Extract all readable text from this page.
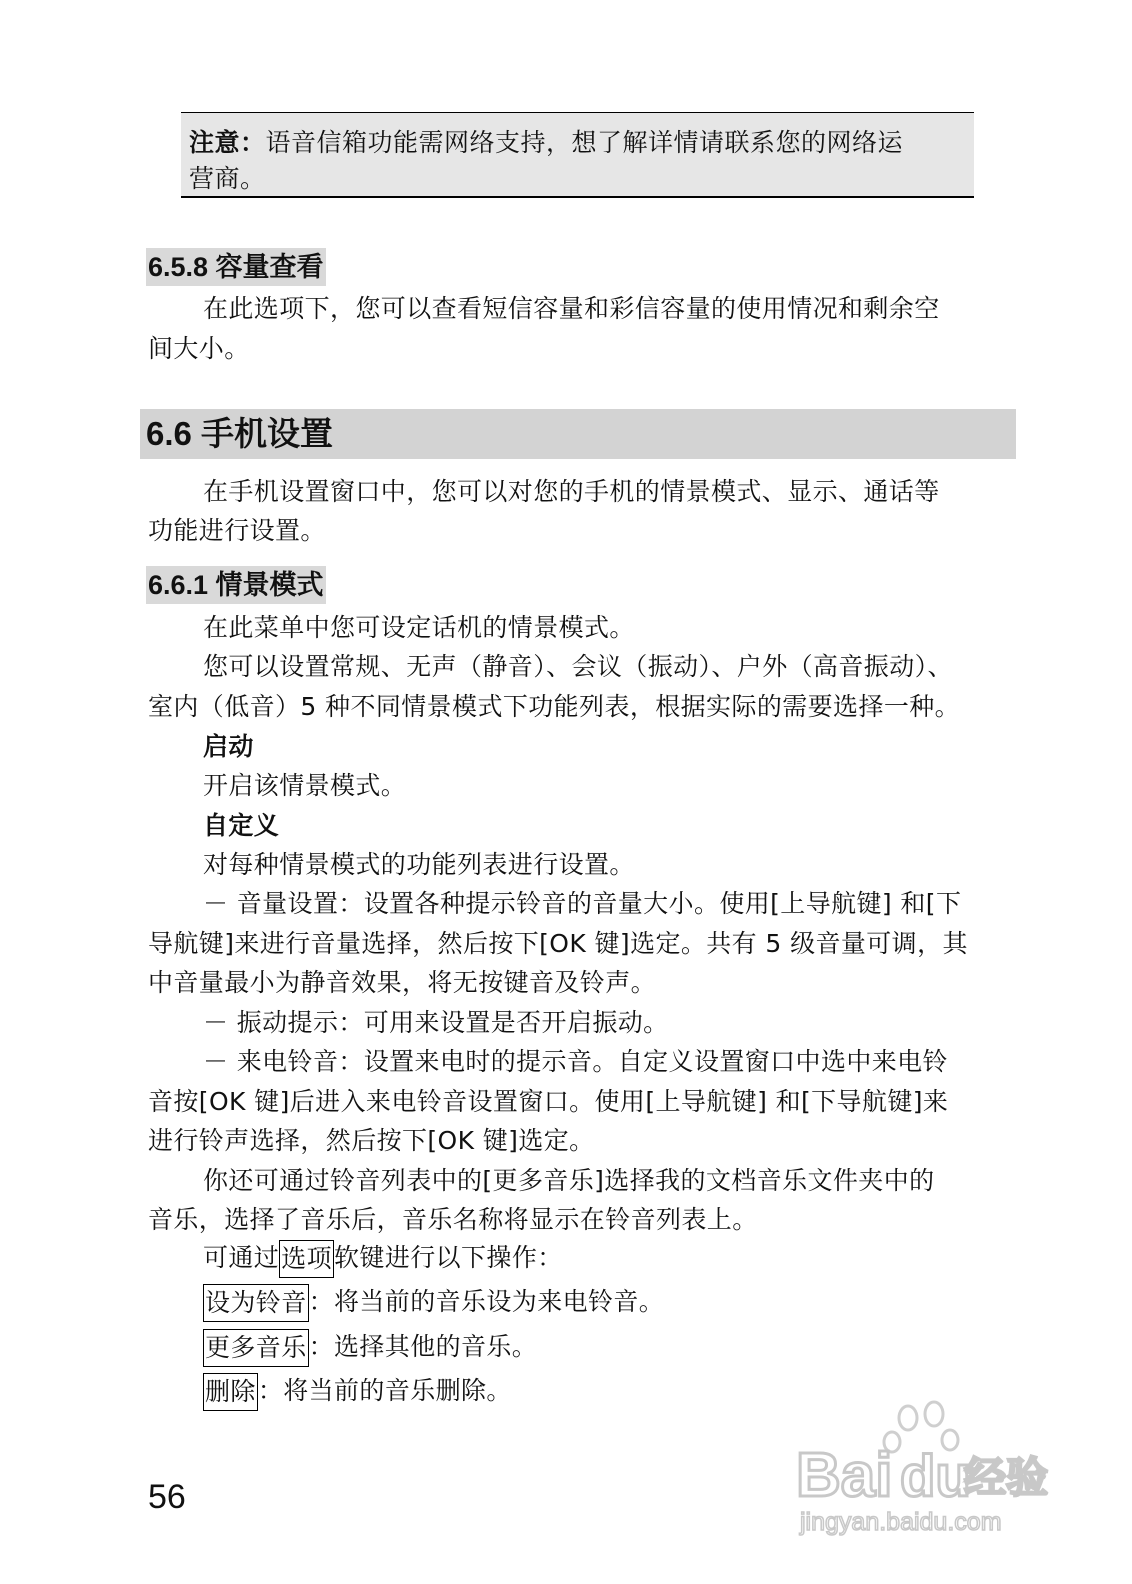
注意：语音信箱功能需网络支持，想了解详情请联系您的网络运
营商。
6.5.8 容量查看
在此选项下，您可以查看短信容量和彩信容量的使用情况和剩余空
间大小。
6.6 手机设置
在手机设置窗口中，您可以对您的手机的情景模式、显示、通话等
功能进行设置。
6.6.1 情景模式
在此菜单中您可设定话机的情景模式。
您可以设置常规、无声（静音）、会议（振动）、户外（高音振动）、
室内（低音）5 种不同情景模式下功能列表，根据实际的需要选择一种。
启动
开启该情景模式。
自定义
对每种情景模式的功能列表进行设置。
－ 音量设置：设置各种提示铃音的音量大小。使用[上导航键] 和[下
导航键]来进行音量选择，然后按下[OK 键]选定。共有 5 级音量可调，其
中音量最小为静音效果，将无按键音及铃声。
－ 振动提示：可用来设置是否开启振动。
－ 来电铃音：设置来电时的提示音。自定义设置窗口中选中来电铃
音按[OK 键]后进入来电铃音设置窗口。使用[上导航键] 和[下导航键]来
进行铃声选择，然后按下[OK 键]选定。
你还可通过铃音列表中的[更多音乐]选择我的文档音乐文件夹中的
音乐，选择了音乐后，音乐名称将显示在铃音列表上。
可通过选项软键进行以下操作：
设为铃音：将当前的音乐设为来电铃音。
更多音乐：选择其他的音乐。
删除：将当前的音乐删除。
56	Bai du
经验
jingyan.baidu.com
